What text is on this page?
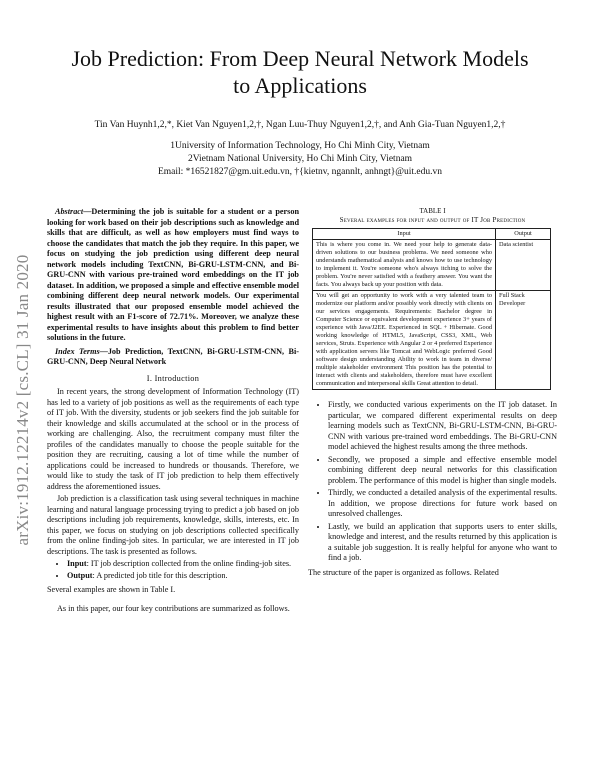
arXiv:1912.12214v2 [cs.CL] 31 Jan 2020
Job Prediction: From Deep Neural Network Models
to Applications
Tin Van Huynh1,2,*, Kiet Van Nguyen1,2,†, Ngan Luu-Thuy Nguyen1,2,†, and Anh Gia-Tuan Nguyen1,2,†
1University of Information Technology, Ho Chi Minh City, Vietnam
2Vietnam National University, Ho Chi Minh City, Vietnam
Email: *16521827@gm.uit.edu.vn, †{kietnv, ngannlt, anhngt}@uit.edu.vn

Abstract—Determining the job is suitable for a student or a person looking for work based on their job descriptions such as knowledge and skills that are difficult, as well as how employers must find ways to choose the candidates that match the job they require. In this paper, we focus on studying the job prediction using different deep neural network models including TextCNN, Bi-GRU-LSTM-CNN, and Bi-GRU-CNN with various pre-trained word embeddings on the IT job dataset. In addition, we proposed a simple and effective ensemble model combining different deep neural network models. Our experimental results illustrated that our proposed ensemble model achieved the highest result with an F1-score of 72.71%. Moreover, we analyze these experimental results to have insights about this problem to find better solutions in the future.

Index Terms—Job Prediction, TextCNN, Bi-GRU-LSTM-CNN, Bi-GRU-CNN, Deep Neural Network

I. Introduction

In recent years, the strong development of Information Technology (IT) has led to a variety of job positions as well as the requirements of each type of IT job. With the diversity, students or job seekers find the job suitable for their knowledge and skills accumulated at the school or in the process of working are challenging. Also, the recruitment company must filter the profiles of the candidates manually to choose the people suitable for the position they are recruiting, causing a lot of time while the number of applications could be increased to hundreds or thousands. Therefore, we would like to study the task of IT job prediction to help them effectively address the aforementioned issues.

Job prediction is a classification task using several techniques in machine learning and natural language processing trying to predict a job based on job descriptions including job requirements, knowledge, skills, interests, etc. In this paper, we focus on studying on job descriptions collected specifically from the online finding-job sites. In particular, we are interested in IT job descriptions. The task is presented as follows.

• Input: IT job description collected from the online finding-job sites.
• Output: A predicted job title for this description.

Several examples are shown in Table I.

As in this paper, our four key contributions are summarized as follows.

TABLE I
Several examples for input and output of IT Job Prediction
Input	Output
This is where you come in. We need your help to generate data-driven solutions to our business problems. We need someone who understands mathematical analysis and knows how to use technology to implement it. You're someone who's always itching to solve the problem. You're never satisfied with a feathery answer. You want the facts. You always back up your position with data.	Data scientist
You will get an opportunity to work with a very talented team to modernize our platform and/or possibly work directly with clients on our services engagements. Requirements: Bachelor degree in Computer Science or equivalent development experience 3+ years of experience with Java/J2EE. Experienced in SQL + Hibernate. Good working knowledge of HTML5, JavaScript, CSS3, XML, Web services, Struts. Experience with Angular 2 or 4 preferred Experience with application servers like Tomcat and WebLogic preferred Good software design understanding Ability to work in team in diverse/ multiple stakeholder environment This position has the potential to interact with clients and stakeholders, therefore must have excellent communication and interpersonal skills Great attention to detail.	Full Stack Developer
• Firstly, we conducted various experiments on the IT job dataset. In particular, we compared different experimental results on deep learning models such as TextCNN, Bi-GRU-LSTM-CNN, Bi-GRU-CNN with various pre-trained word embeddings. The Bi-GRU-CNN model achieved the highest results among the three methods.
• Secondly, we proposed a simple and effective ensemble model combining different deep neural networks for this classification problem. The performance of this model is higher than single models.
• Thirdly, we conducted a detailed analysis of the experimental results. In addition, we propose directions for future work based on unresolved challenges.
• Lastly, we build an application that supports users to enter skills, knowledge and interest, and the results returned by this application is a suitable job suggestion. It is really helpful for anyone who want to find a job.

The structure of the paper is organized as follows. Related
